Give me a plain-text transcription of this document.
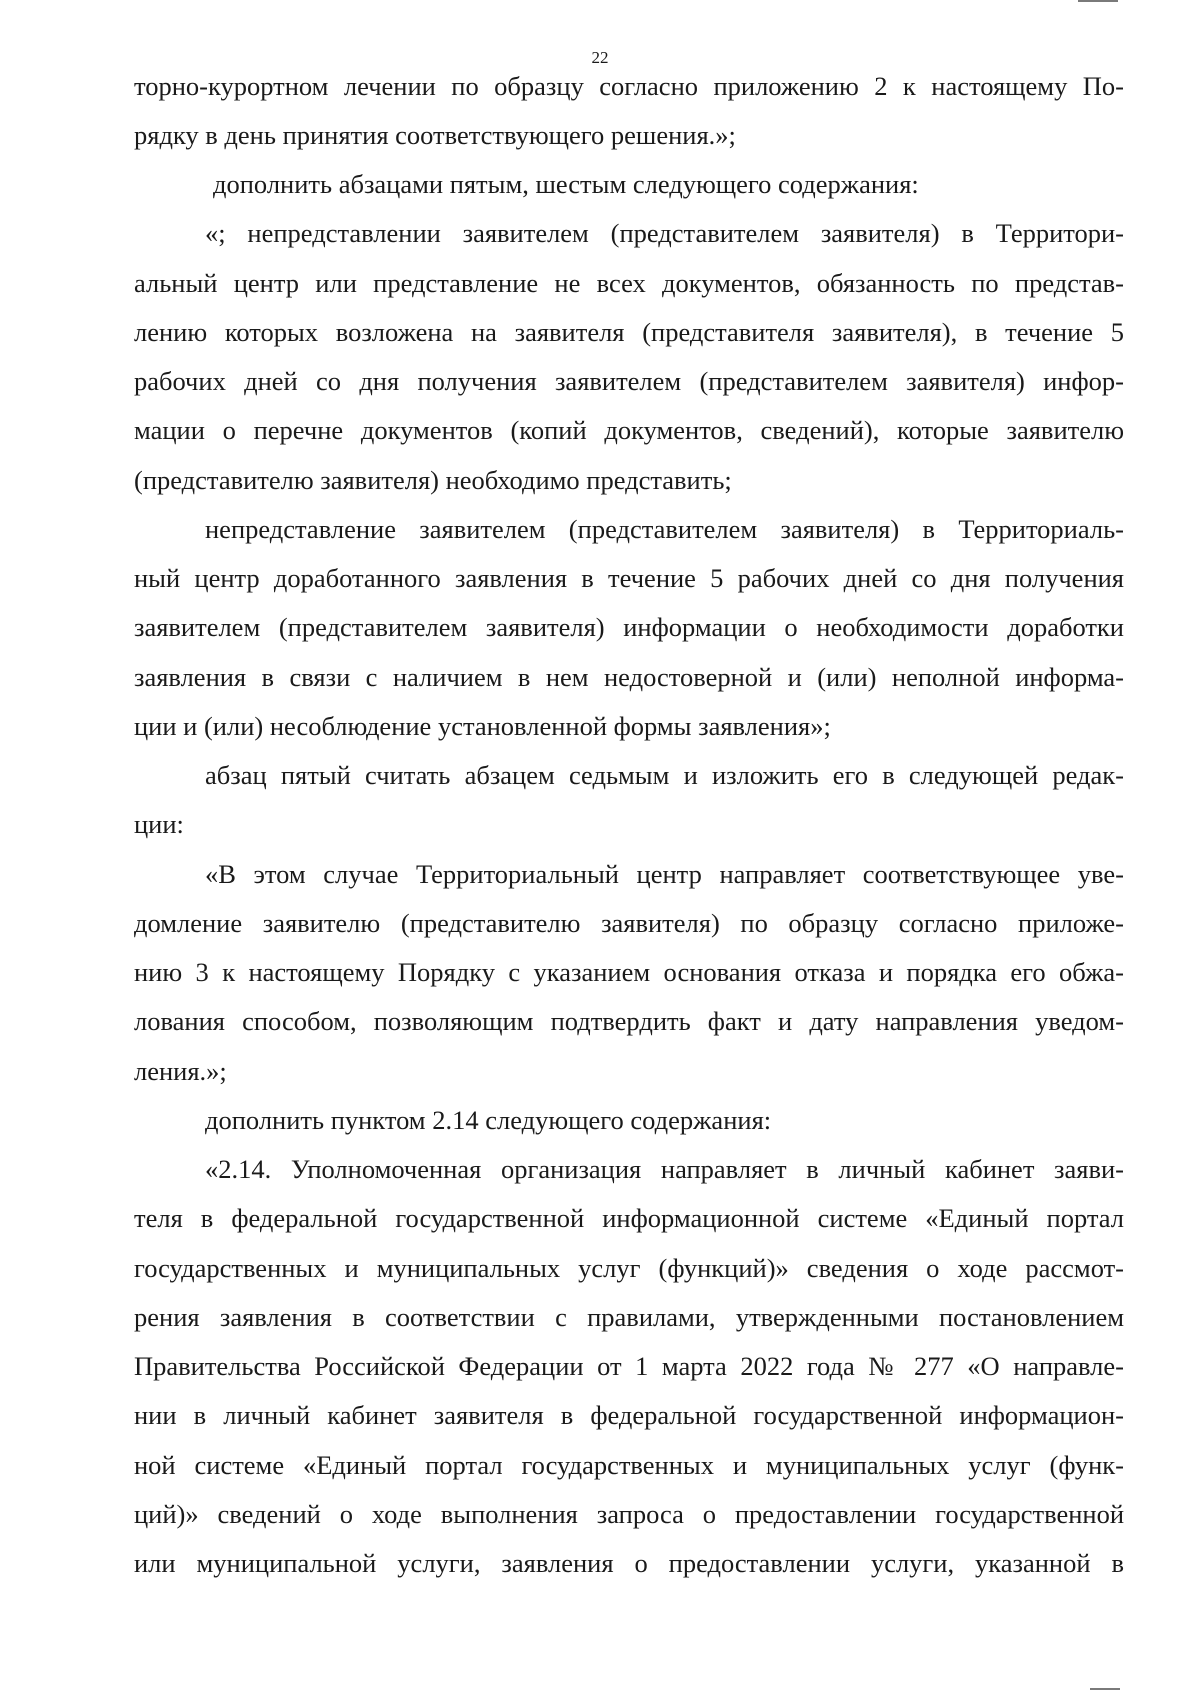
22
торно-курортном лечении по образцу согласно приложению 2 к настоящему По-
рядку в день принятия соответствующего решения.»;
дополнить абзацами пятым, шестым следующего содержания:
«; непредставлении заявителем (представителем заявителя) в Территори-
альный центр или представление не всех документов, обязанность по представ-
лению которых возложена на заявителя (представителя заявителя), в течение 5
рабочих дней со дня получения заявителем (представителем заявителя) инфор-
мации о перечне документов (копий документов, сведений), которые заявителю
(представителю заявителя) необходимо представить;
непредставление заявителем (представителем заявителя) в Территориаль-
ный центр доработанного заявления в течение 5 рабочих дней со дня получения
заявителем (представителем заявителя) информации о необходимости доработки
заявления в связи с наличием в нем недостоверной и (или) неполной информа-
ции и (или) несоблюдение установленной формы заявления»;
абзац пятый считать абзацем седьмым и изложить его в следующей редак-
ции:
«В этом случае Территориальный центр направляет соответствующее уве-
домление заявителю (представителю заявителя) по образцу согласно приложе-
нию 3 к настоящему Порядку с указанием основания отказа и порядка его обжа-
лования способом, позволяющим подтвердить факт и дату направления уведом-
ления.»;
дополнить пунктом 2.14 следующего содержания:
«2.14. Уполномоченная организация направляет в личный кабинет заяви-
теля в федеральной государственной информационной системе «Единый портал
государственных и муниципальных услуг (функций)» сведения о ходе рассмот-
рения заявления в соответствии с правилами, утвержденными постановлением
Правительства Российской Федерации от 1 марта 2022 года № 277 «О направле-
нии в личный кабинет заявителя в федеральной государственной информацион-
ной системе «Единый портал государственных и муниципальных услуг (функ-
ций)» сведений о ходе выполнения запроса о предоставлении государственной
или муниципальной услуги, заявления о предоставлении услуги, указанной в
